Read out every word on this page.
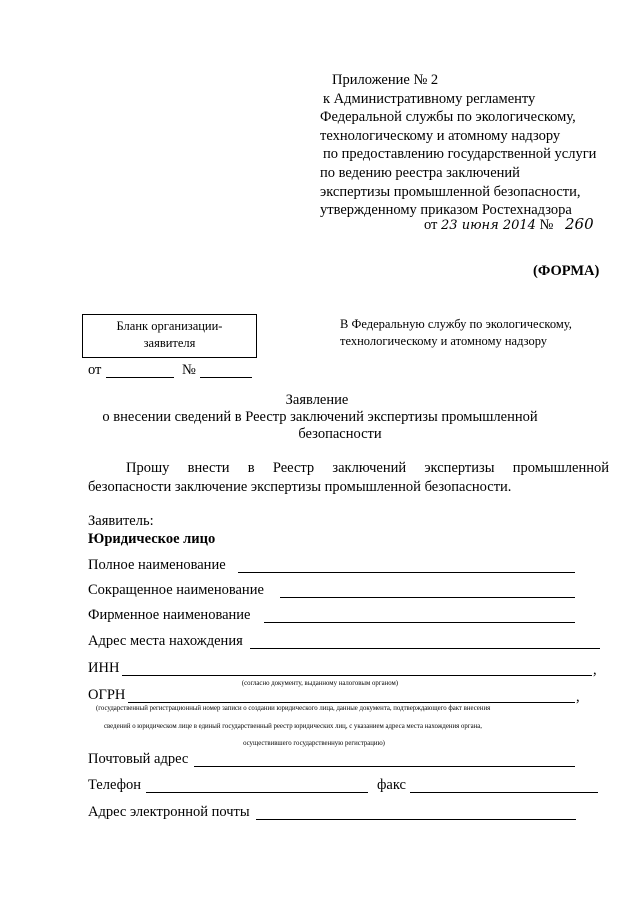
Приложение № 2
к Административному регламенту
Федеральной службы по экологическому,
технологическому и атомному надзору
по предоставлению государственной услуги
по ведению реестра заключений
экспертизы промышленной безопасности,
утвержденному приказом Ростехнадзора
от 23 июня 2014 № 260
(ФОРМА)
Бланк организации-
заявителя
В Федеральную службу по экологическому,
технологическому и атомному надзору
от	№
Заявление
о внесении сведений в Реестр заключений экспертизы промышленной
безопасности
Прошу внести в Реестр заключений экспертизы промышленной
безопасности заключение экспертизы промышленной безопасности.
Заявитель:
Юридическое лицо
Полное наименование
Сокращенное наименование
Фирменное наименование
Адрес места нахождения
ИНН	,
(согласно документу, выданному налоговым органом)
ОГРН	,
(государственный регистрационный номер записи о создании юридического лица, данные документа, подтверждающего факт внесения
сведений о юридическом лице в единый государственный реестр юридических лиц, с указанием адреса места нахождения органа,
осуществившего государственную регистрацию)
Почтовый адрес
Телефон	факс
Адрес электронной почты
